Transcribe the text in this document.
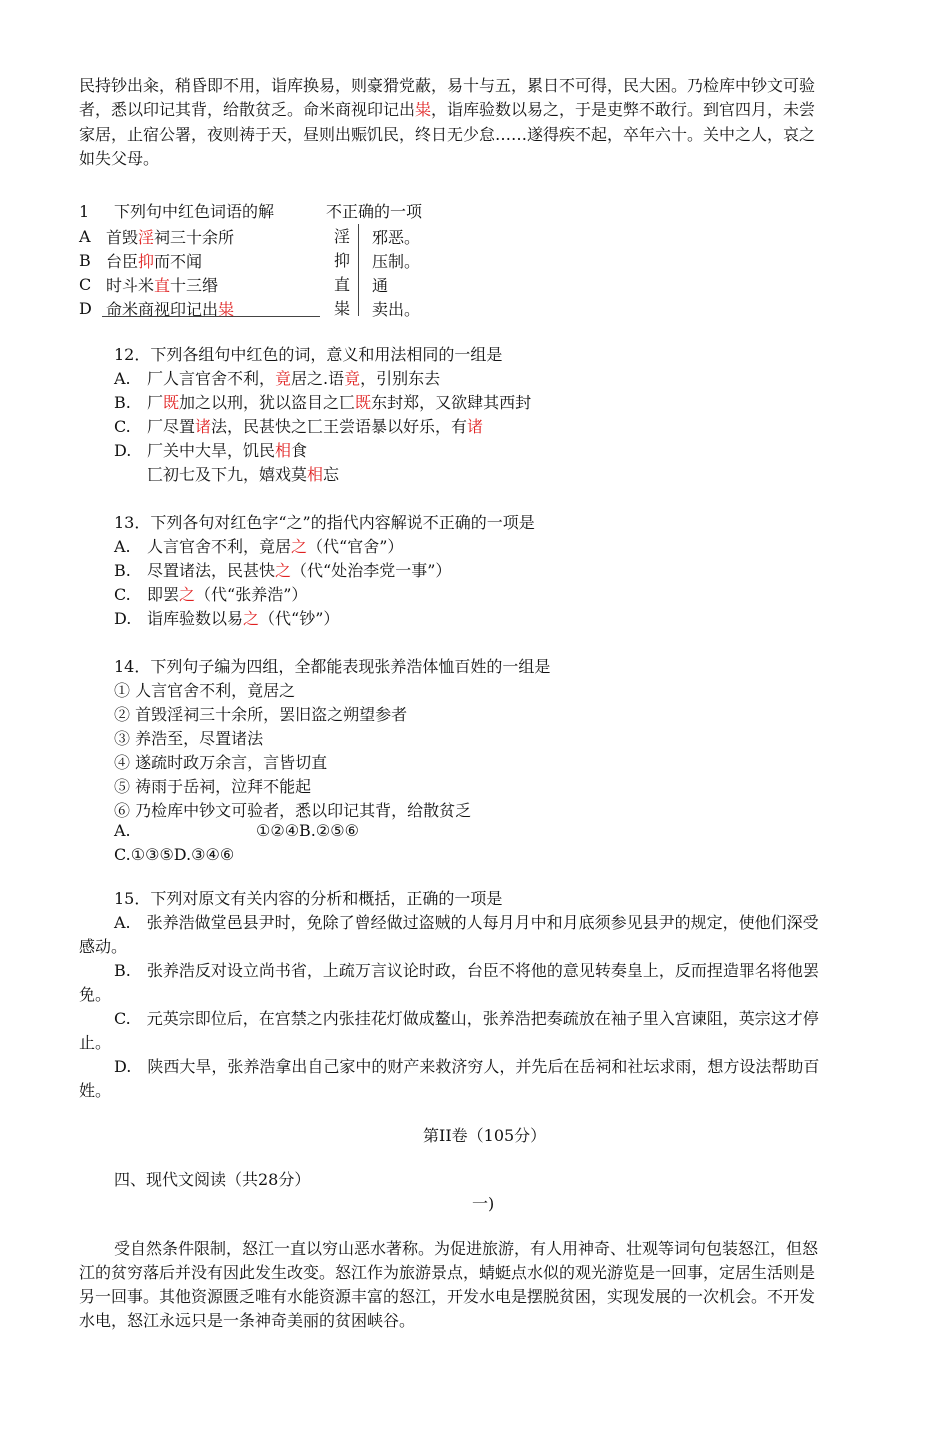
民持钞出籴，稍昏即不用，诣库换易，则豪猾党蔽，易十与五，累日不可得，民大困。乃检库中钞文可验
者，悉以印记其背，给散贫乏。命米商视印记出粜，诣库验数以易之，于是吏弊不敢行。到官四月，未尝
家居，止宿公署，夜则祷于天，昼则出赈饥民，终日无少怠……遂得疾不起，卒年六十。关中之人，哀之
如失父母。
1 下列句中红色词语的解	不正确的一项
A 首毁淫祠三十余所	淫 邪恶。
B 台臣抑而不闻	抑 压制。
C 时斗米直十三缗	直 通
D 命米商视印记出粜	粜 卖出。
12．下列各组句中红色的词，意义和用法相同的一组是
A. ⼚人言官舍不利，竟居之.语竟，引别东去
B. ⼚既加之以刑，犹以盗目之⼖既东封郑，又欲肆其西封
C. ⼚尽置诸法，民甚快之⼖王尝语暴以好乐，有诸
D. ⼚关中大旱，饥民相食
⼖初七及下九，嬉戏莫相忘
13．下列各句对红色字“之”的指代内容解说不正确的一项是
A. 人言官舍不利，竟居之（代“官舍”）
B. 尽置诸法，民甚快之（代“处治李党一事”）
C. 即罢之（代“张养浩”）
D. 诣库验数以易之（代“钞”）
14．下列句子编为四组，全都能表现张养浩体恤百姓的一组是
① 人言官舍不利，竟居之
② 首毁淫祠三十余所，罢旧盗之朔望参者
③ 养浩至，尽置诸法
④ 遂疏时政万余言，言皆切直
⑤ 祷雨于岳祠，泣拜不能起
⑥ 乃检库中钞文可验者，悉以印记其背，给散贫乏
A.	①②④B.②⑤⑥
C.①③⑤D.③④⑥
15．下列对原文有关内容的分析和概括，正确的一项是
A.　张养浩做堂邑县尹时，免除了曾经做过盗贼的人每月月中和月底须参见县尹的规定，使他们深受
感动。
B.　张养浩反对设立尚书省，上疏万言议论时政，台臣不将他的意见转奏皇上，反而捏造罪名将他罢
免。
C.　元英宗即位后，在宫禁之内张挂花灯做成鳌山，张养浩把奏疏放在袖子里入宫谏阻，英宗这才停
止。
D.　陕西大旱，张养浩拿出自己家中的财产来救济穷人，并先后在岳祠和社坛求雨，想方设法帮助百
姓。
第II卷（105分）
四、现代文阅读（共28分）
一)
受自然条件限制，怒江一直以穷山恶水著称。为促进旅游，有人用神奇、壮观等词句包装怒江，但怒
江的贫穷落后并没有因此发生改变。怒江作为旅游景点，蜻蜓点水似的观光游览是一回事，定居生活则是
另一回事。其他资源匮乏唯有水能资源丰富的怒江，开发水电是摆脱贫困，实现发展的一次机会。不开发
水电，怒江永远只是一条神奇美丽的贫困峡谷。
